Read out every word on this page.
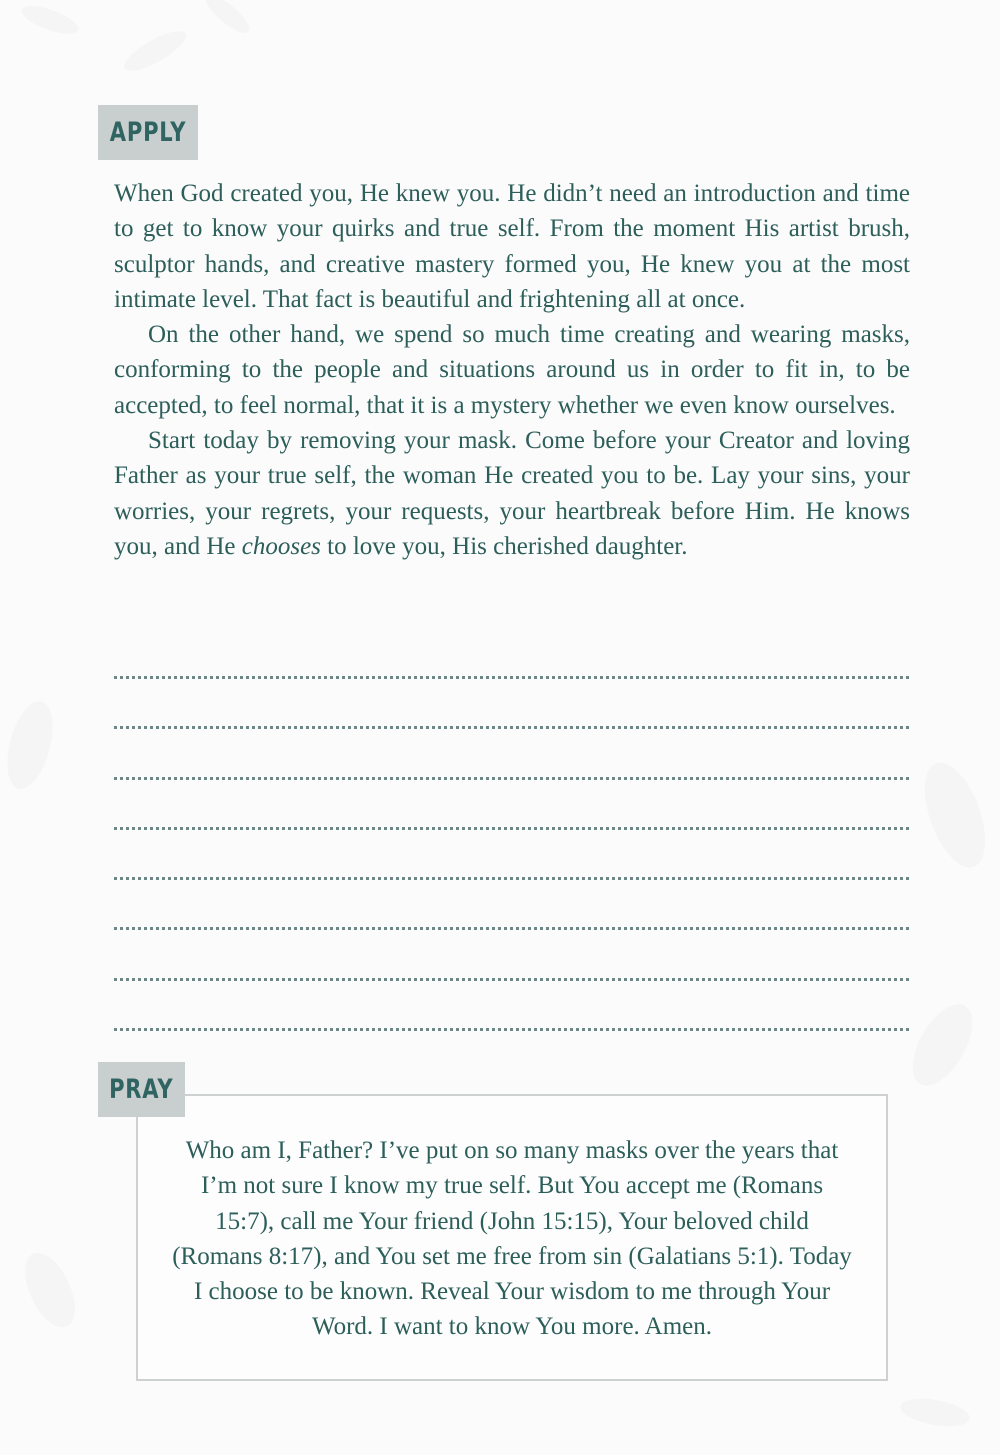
APPLY

When God created you, He knew you. He didn’t need an introduction and time to get to know your quirks and true self. From the moment His artist brush, sculptor hands, and creative mastery formed you, He knew you at the most intimate level. That fact is beautiful and frightening all at once.

On the other hand, we spend so much time creating and wearing masks, conforming to the people and situations around us in order to fit in, to be accepted, to feel normal, that it is a mystery whether we even know ourselves.

Start today by removing your mask. Come before your Creator and loving Father as your true self, the woman He created you to be. Lay your sins, your worries, your regrets, your requests, your heartbreak before Him. He knows you, and He chooses to love you, His cherished daughter.

PRAY
Who am I, Father? I’ve put on so many masks over the years that I’m not sure I know my true self. But You accept me (Romans 15:7), call me Your friend (John 15:15), Your beloved child (Romans 8:17), and You set me free from sin (Galatians 5:1). Today I choose to be known. Reveal Your wisdom to me through Your Word. I want to know You more. Amen.
